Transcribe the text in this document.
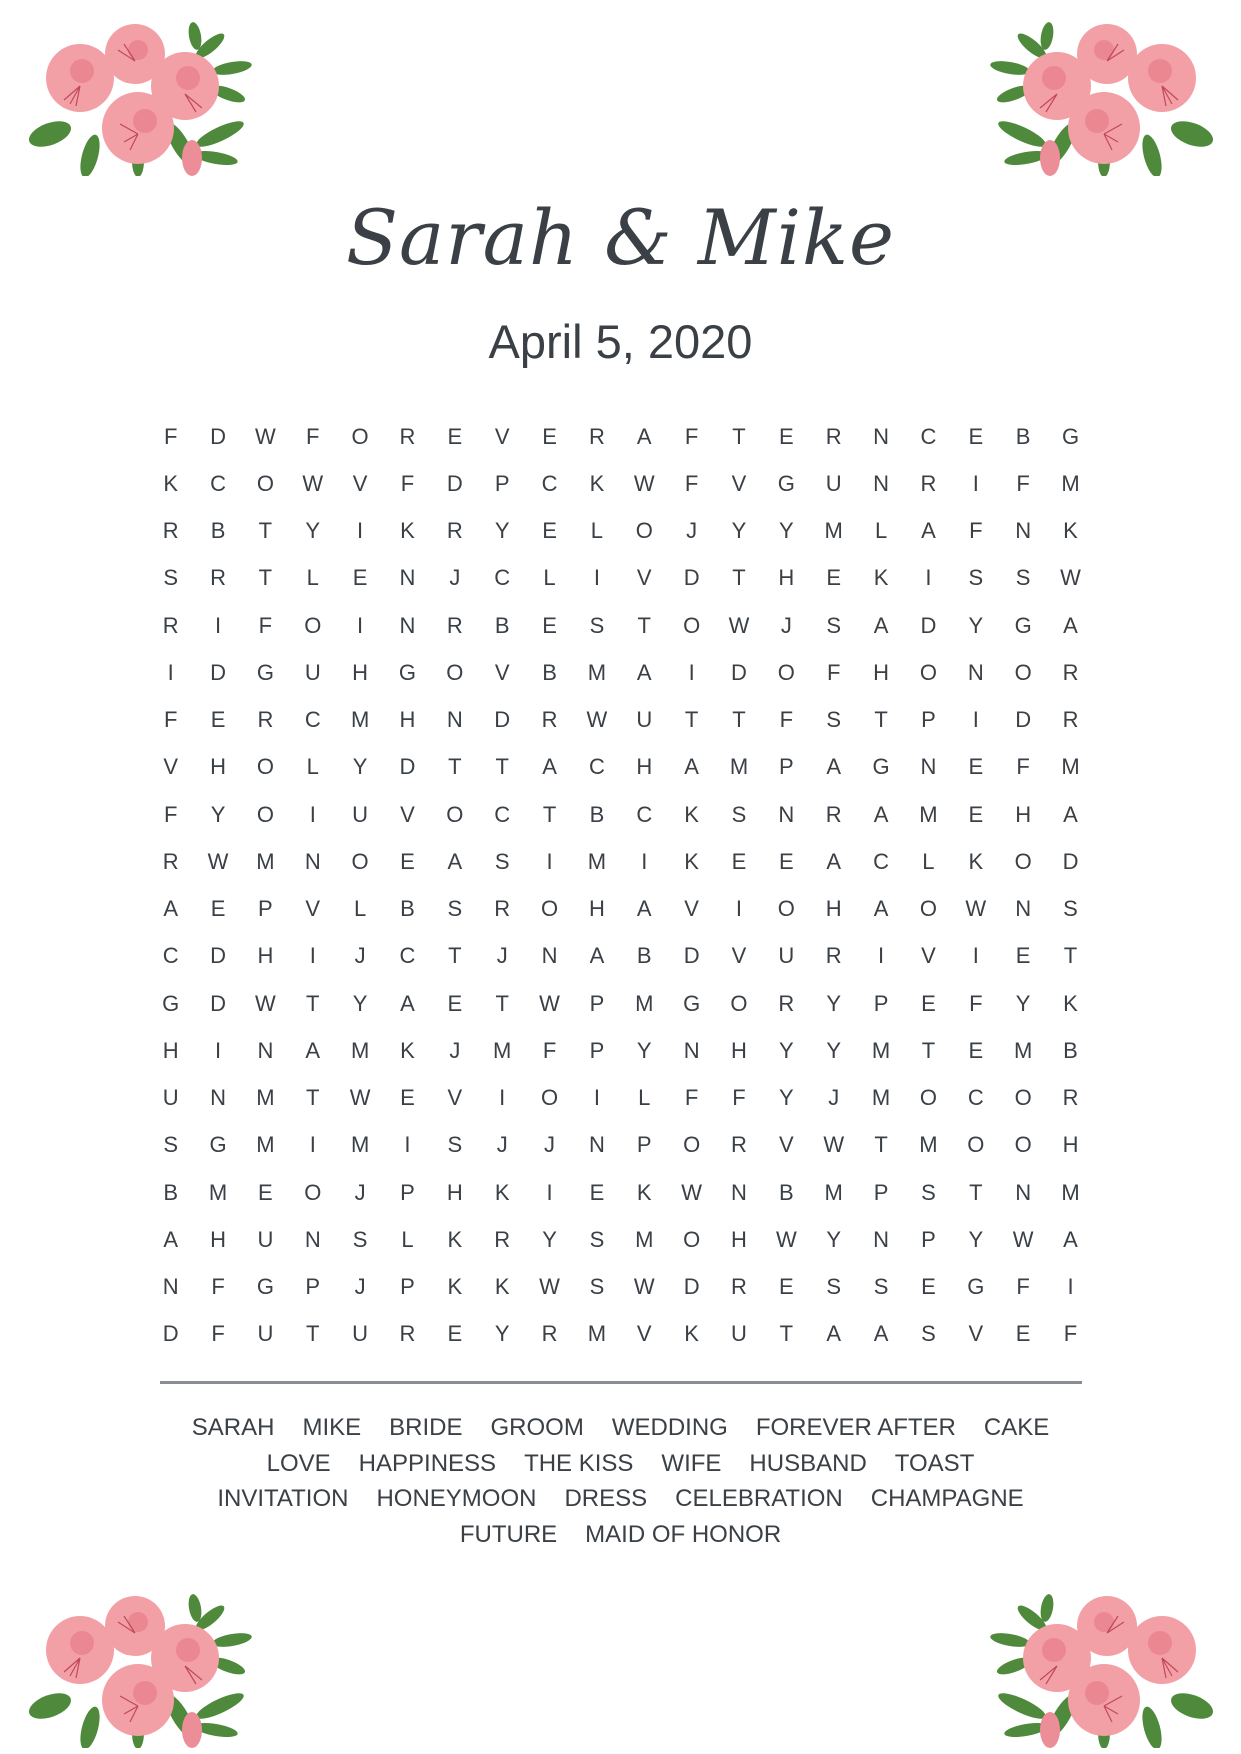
Sarah & Mike
April 5, 2020
F	D	W	F	O	R	E	V	E	R	A	F	T	E	R	N	C	E	B	G
K	C	O	W	V	F	D	P	C	K	W	F	V	G	U	N	R	I	F	M
R	B	T	Y	I	K	R	Y	E	L	O	J	Y	Y	M	L	A	F	N	K
S	R	T	L	E	N	J	C	L	I	V	D	T	H	E	K	I	S	S	W
R	I	F	O	I	N	R	B	E	S	T	O	W	J	S	A	D	Y	G	A
I	D	G	U	H	G	O	V	B	M	A	I	D	O	F	H	O	N	O	R
F	E	R	C	M	H	N	D	R	W	U	T	T	F	S	T	P	I	D	R
V	H	O	L	Y	D	T	T	A	C	H	A	M	P	A	G	N	E	F	M
F	Y	O	I	U	V	O	C	T	B	C	K	S	N	R	A	M	E	H	A
R	W	M	N	O	E	A	S	I	M	I	K	E	E	A	C	L	K	O	D
A	E	P	V	L	B	S	R	O	H	A	V	I	O	H	A	O	W	N	S
C	D	H	I	J	C	T	J	N	A	B	D	V	U	R	I	V	I	E	T
G	D	W	T	Y	A	E	T	W	P	M	G	O	R	Y	P	E	F	Y	K
H	I	N	A	M	K	J	M	F	P	Y	N	H	Y	Y	M	T	E	M	B
U	N	M	T	W	E	V	I	O	I	L	F	F	Y	J	M	O	C	O	R
S	G	M	I	M	I	S	J	J	N	P	O	R	V	W	T	M	O	O	H
B	M	E	O	J	P	H	K	I	E	K	W	N	B	M	P	S	T	N	M
A	H	U	N	S	L	K	R	Y	S	M	O	H	W	Y	N	P	Y	W	A
N	F	G	P	J	P	K	K	W	S	W	D	R	E	S	S	E	G	F	I
D	F	U	T	U	R	E	Y	R	M	V	K	U	T	A	A	S	V	E	F
SARAH MIKE BRIDE GROOM WEDDING FOREVER AFTER CAKE
LOVE HAPPINESS THE KISS WIFE HUSBAND TOAST
INVITATION HONEYMOON DRESS CELEBRATION CHAMPAGNE
FUTURE MAID OF HONOR
